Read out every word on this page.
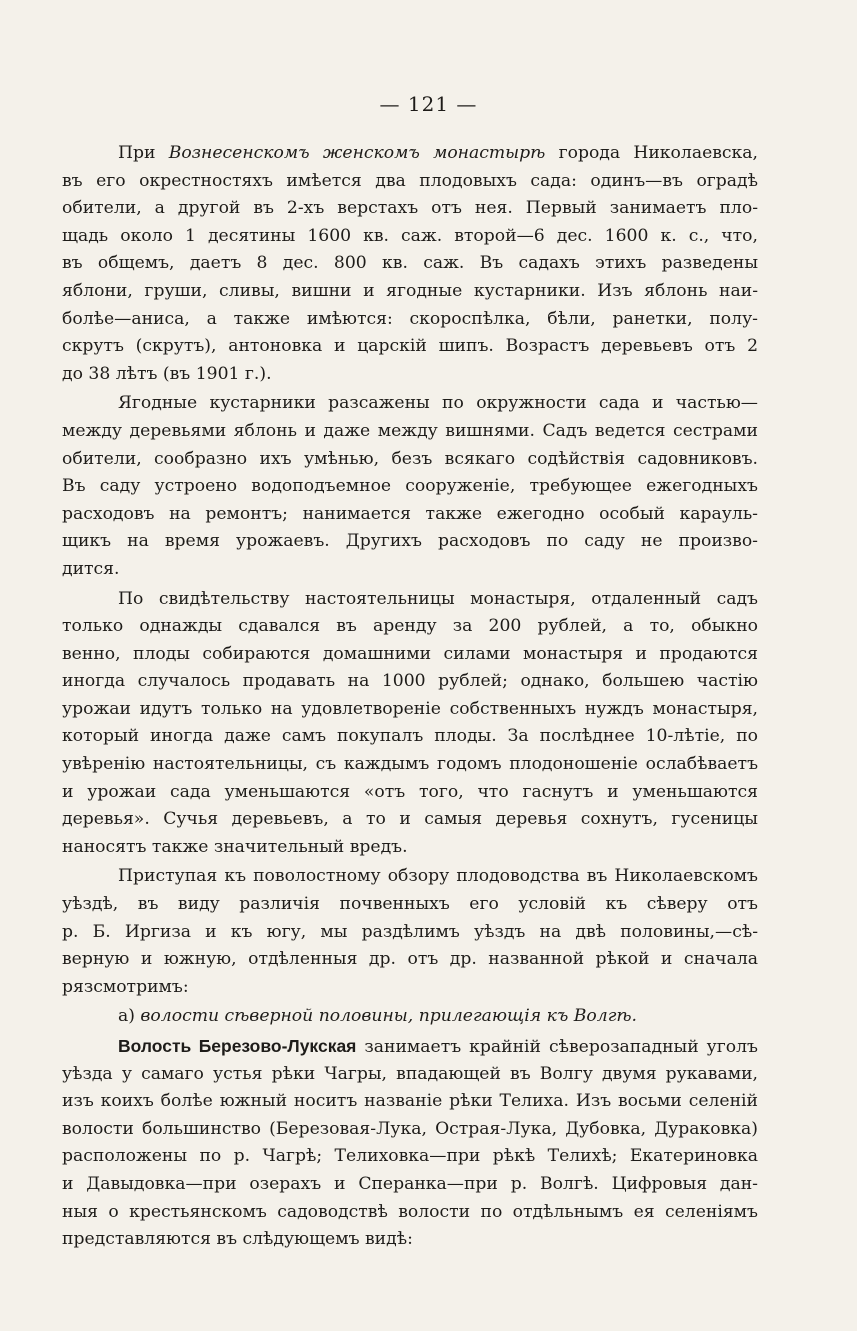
— 121 —
При Вознесенскомъ женскомъ монастырѣ города Николаевска,
въ его окрестностяхъ имѣется два плодовыхъ сада: одинъ—въ оградѣ
обители, а другой въ 2-хъ верстахъ отъ нея. Первый занимаетъ пло-
щадь около 1 десятины 1600 кв. саж. второй—6 дес. 1600 к. с., что,
въ общемъ, даетъ 8 дес. 800 кв. саж. Въ садахъ этихъ разведены
яблони, груши, сливы, вишни и ягодные кустарники. Изъ яблонь наи-
болѣе—аниса, а также имѣются: скороспѣлка, бѣли, ранетки, полу-
скрутъ (скрутъ), антоновка и царскій шипъ. Возрастъ деревьевъ отъ 2
до 38 лѣтъ (въ 1901 г.).
Ягодные кустарники разсажены по окружности сада и частью—
между деревьями яблонь и даже между вишнями. Садъ ведется сестрами
обители, сообразно ихъ умѣнью, безъ всякаго содѣйствія садовниковъ.
Въ саду устроено водоподъемное сооруженіе, требующее ежегодныхъ
расходовъ на ремонтъ; нанимается также ежегодно особый карауль-
щикъ на время урожаевъ. Другихъ расходовъ по саду не произво-
дится.
По свидѣтельству настоятельницы монастыря, отдаленный садъ
только однажды сдавался въ аренду за 200 рублей, а то, обыкно
венно, плоды собираются домашними силами монастыря и продаются
иногда случалось продавать на 1000 рублей; однако, большею частію
урожаи идутъ только на удовлетвореніе собственныхъ нуждъ монастыря,
который иногда даже самъ покупалъ плоды. За послѣднее 10-лѣтіе, по
увѣренію настоятельницы, съ каждымъ годомъ плодоношеніе ослабѣваетъ
и урожаи сада уменьшаются «отъ того, что гаснутъ и уменьшаются
деревья». Сучья деревьевъ, а то и самыя деревья сохнутъ, гусеницы
наносятъ также значительный вредъ.
Приступая къ поволостному обзору плодоводства въ Николаевскомъ
уѣздѣ, въ виду различія почвенныхъ его условій къ сѣверу отъ
р. Б. Иргиза и къ югу, мы раздѣлимъ уѣздъ на двѣ половины,—сѣ-
верную и южную, отдѣленныя др. отъ др. названной рѣкой и сначала
рязсмотримъ:
а) волости сѣверной половины, прилегающія къ Волгѣ.
Волость Березово-Лукская занимаетъ крайній сѣверозападный уголъ
уѣзда у самаго устья рѣки Чагры, впадающей въ Волгу двумя рукавами,
изъ коихъ болѣе южный носитъ названіе рѣки Телиха. Изъ восьми селеній
волости большинство (Березовая-Лука, Острая-Лука, Дубовка, Дураковка)
расположены по р. Чагрѣ; Телиховка—при рѣкѣ Телихѣ; Екатериновка
и Давыдовка—при озерахъ и Сперанка—при р. Волгѣ. Цифровыя дан-
ныя о крестьянскомъ садоводствѣ волости по отдѣльнымъ ея селеніямъ
представляются въ слѣдующемъ видѣ:
